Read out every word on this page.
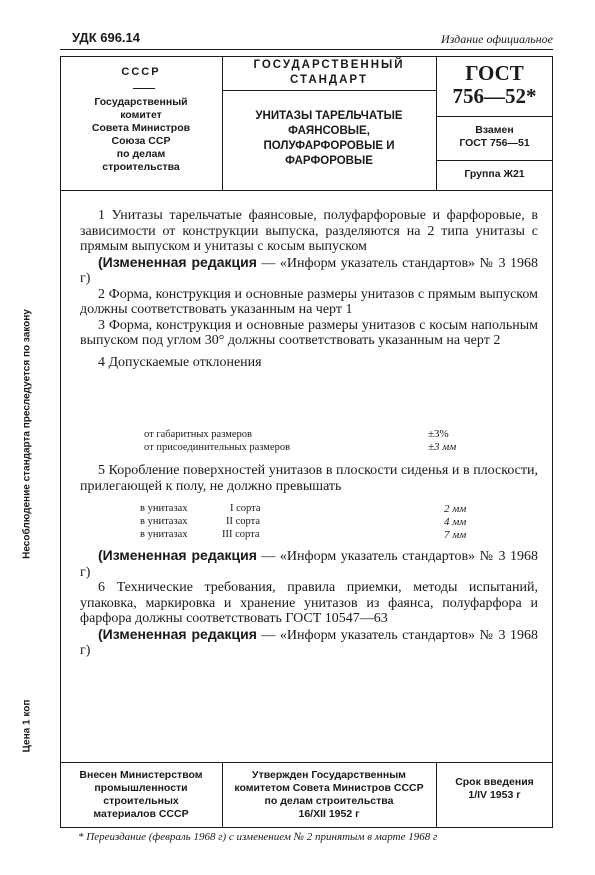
УДК 696.14	Издание официальное
Несоблюдение стандарта преследуется по закону
Цена 1 коп
СССР
Государственный
комитет
Совета Министров
Союза ССР
по делам
строительства
ГОСУДАРСТВЕННЫЙ
СТАНДАРТ
УНИТАЗЫ ТАРЕЛЬЧАТЫЕ
ФАЯНСОВЫЕ,
ПОЛУФАРФОРОВЫЕ И
ФАРФОРОВЫЕ
ГОСТ
756—52*
Взамен
ГОСТ 756—51
Группа Ж21

1 Унитазы тарельчатые фаянсовые, полуфарфоровые и фарфоровые, в зависимости от конструкции выпуска, разделяются на 2 типа унитазы с прямым выпуском и унитазы с косым выпуском

(Измененная редакция — «Информ указатель стандартов» № 3 1968 г)

2 Форма, конструкция и основные размеры унитазов с прямым выпуском должны соответствовать указанным на черт 1

3 Форма, конструкция и основные размеры унитазов с косым напольным выпуском под углом 30° должны соответствовать указанным на черт 2

4 Допускаемые отклонения

от габаритных размеров	±3%
от присоединительных размеров	±3 мм

5 Коробление поверхностей унитазов в плоскости сиденья и в плоскости, прилегающей к полу, не должно превышать

в унитазах	I сорта	2 мм
в унитазах	II сорта	4 мм
в унитазах	III сорта	7 мм

(Измененная редакция — «Информ указатель стандартов» № 3 1968 г)

6 Технические требования, правила приемки, методы испытаний, упаковка, маркировка и хранение унитазов из фаянса, полуфарфора и фарфора должны соответствовать ГОСТ 10547—63

(Измененная редакция — «Информ указатель стандартов» № 3 1968 г)

Внесен Министерством
промышленности
строительных
материалов СССР
Утвержден Государственным
комитетом Совета Министров СССР
по делам строительства
16/XII 1952 г
Срок введения
1/IV 1953 г
* Переиздание (февраль 1968 г) с изменением № 2 принятым в марте 1968 г
